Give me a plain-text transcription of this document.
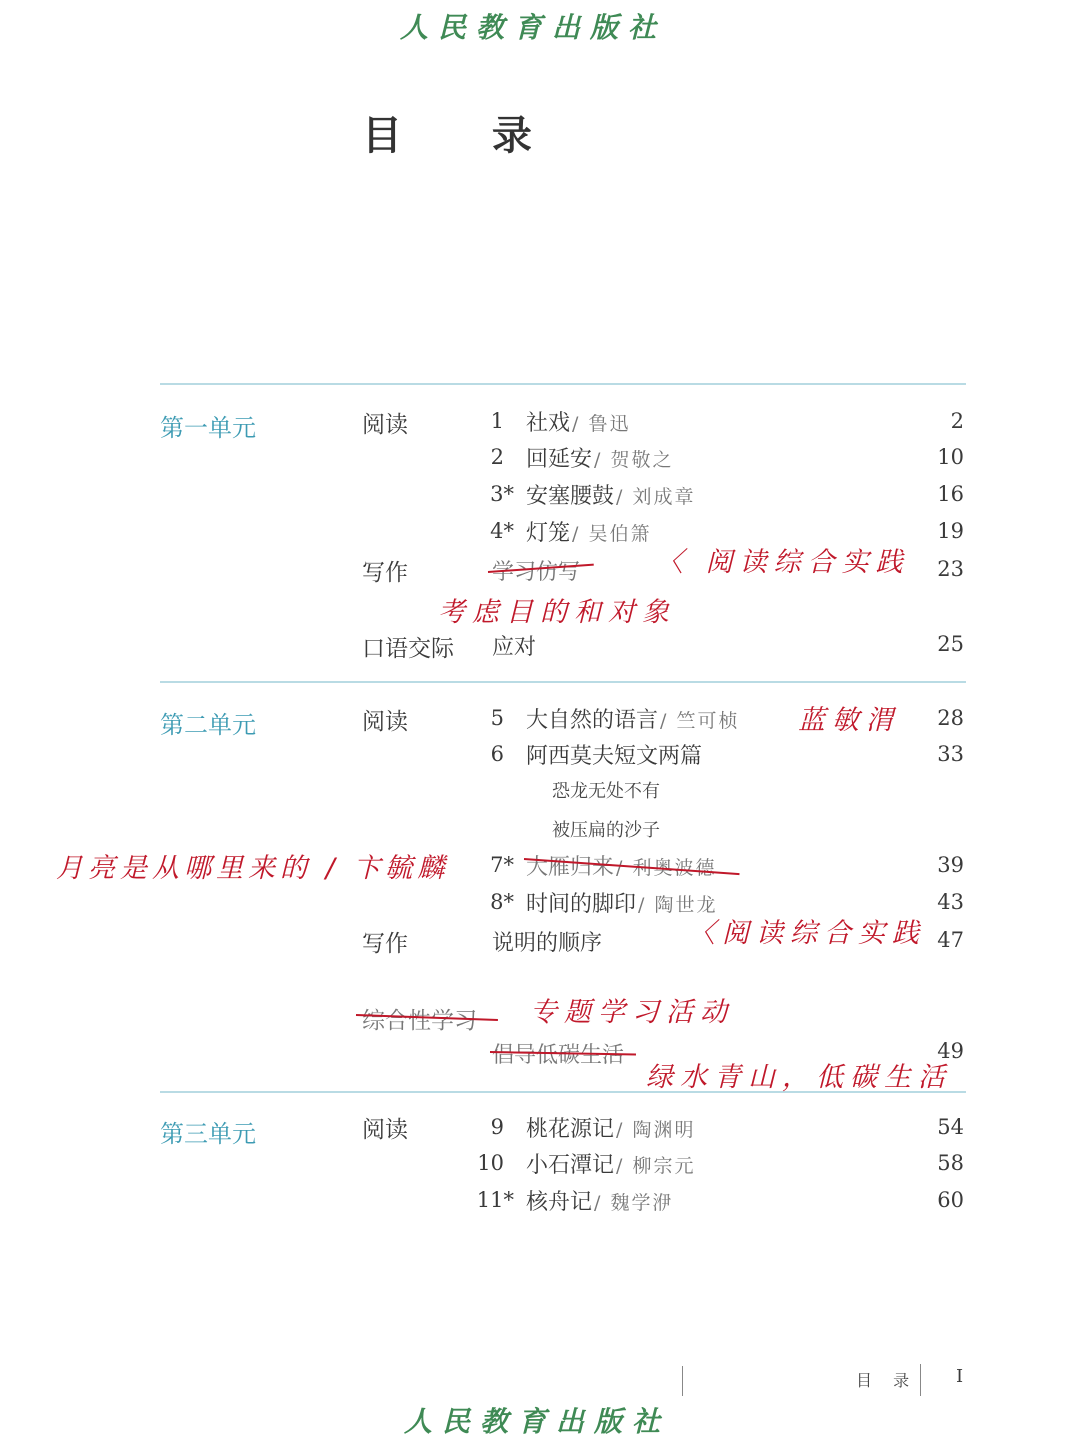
人民教育出版社
目 录
第一单元	阅读	1 社戏 / 鲁迅	2
2 回延安 / 贺敬之	10
3* 安塞腰鼓 / 刘成章	16
4* 灯笼 / 吴伯箫	19
写作	学习仿写	〈 阅读综合实践	23
考虑目的和对象
口语交际 应对	25
第二单元	阅读	5 大自然的语言 / 竺可桢	28
蓝敏渭
6 阿西莫夫短文两篇	33
恐龙无处不有
被压扁的沙子
月亮是从哪里来的 / 卞毓麟	7* 大雁归来 / 利奥波德	39
8* 时间的脚印 / 陶世龙	43
写作	说明的顺序	〈阅读综合实践 47
综合性学习 专题学习活动
倡导低碳生活	49
绿水青山，低碳生活
第三单元	阅读	9 桃花源记 / 陶渊明	54
10 小石潭记 / 柳宗元	58
11* 核舟记 / 魏学洢	60
目 录 I
人民教育出版社
